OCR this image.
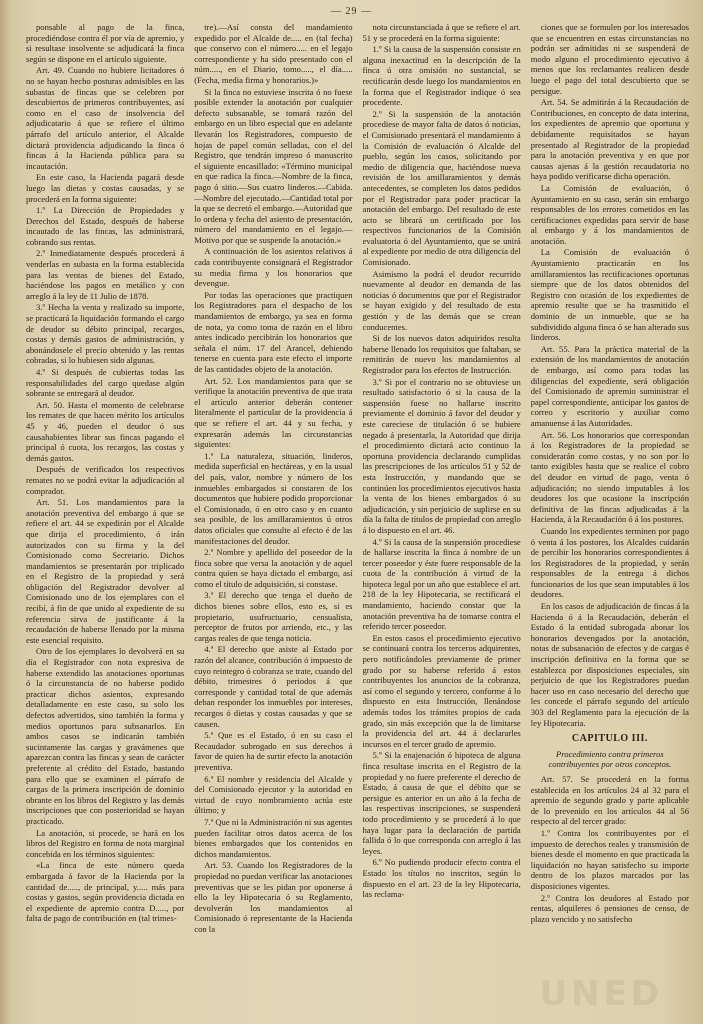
— 29 —

ponsable al pago de la finca, procediéndose contra él por vía de apremio, y si resultase insolvente se adjudicará la finca según se dispone en el artículo siguiente.

Art. 49. Cuando no hubiere licitadores ó no se hayan hecho posturas admisibles en las subastas de fincas que se celebren por descubiertos de primeros contribuyentes, así como en el caso de insolvencia del adjudicatario á que se refiere el último párrafo del artículo anterior, el Alcalde dictará providencia adjudicando la finca ó fincas á la Hacienda pública para su incautación.

En este caso, la Hacienda pagará desde luego las dietas y costas causadas, y se procederá en la forma siguiente:

1.º La Dirección de Propiedades y Derechos del Estado, después de haberse incautado de las fincas, las administrará, cobrando sus rentas.

2.º Inmediatamente después procederá á venderlas en subasta en la forma establecida para las ventas de bienes del Estado, haciéndose los pagos en metálico y con arreglo á la ley de 11 Julio de 1878.

3.º Hecha la venta y realizado su importe, se practicará la liquidación formando el cargo de deudor su débito principal, recargos, costas y demás gastos de administración, y abonándosele el precio obtenido y las rentas cobradas, si lo hubiesen sido algunas.

4.º Si después de cubiertas todas las responsabilidades del cargo quedase algún sobrante se entregará al deudor.

Art. 50. Hasta el momento de celebrarse los remates de que hacen mérito los artículos 45 y 46, pueden el deudor ó sus causahabientes librar sus fincas pagando el principal ó cuota, los recargos, las costas y demás gastos.

Después de verificados los respectivos remates no se podrá evitar la adjudicación al comprador.

Art. 51. Los mandamientos para la anotación preventiva del embargo á que se refiere el art. 44 se expedirán por el Alcalde que dirija el procedimiento, ó irán autorizados con su firma y la del Comisionado como Secretario. Dichos mandamientos se presentarán por triplicado en el Registro de la propiedad y será obligación del Registrador devolver al Comisionado uno de los ejemplares con el recibí, á fin de que unido al expediente de su referencia sirva de justificante á la recaudación de haberse llenado por la misma este esencial requisito.

Otro de los ejemplares lo devolverá en su día el Registrador con nota expresiva de haberse extendido las anotaciones oportunas ó la circunstancia de no haberse podido practicar dichos asientos, expresando detalladamente en este caso, su solo los defectos advertidos, sino también la forma y medios oportunos para subsanarlos. En ambos casos se indicarán también sucintamente las cargas y gravámenes que aparezcan contra las fincas y sean de carácter preferente al crédito del Estado, bastando para ello que se examinen el párrafo de cargas de la primera inscripción de dominio obrante en los libros del Registro y las demás inscripciones que con posterioridad se hayan practicado.

La anotación, si procede, se hará en los libros del Registro en forma de nota marginal concebida en los términos siguientes:

«La finca de este número queda embargada á favor de la Hacienda por la cantidad de....., de principal, y..... más para costas y gastos, según providencia dictada en el expediente de apremio contra D....., por falta de pago de contribución en (tal trimes-

tre).—Así consta del mandamiento expedido por el Alcalde de..... en (tal fecha) que conservo con el número..... en el legajo correspondiente y ha sido presentado con el núm....., en el Diario, tomo....., el día..... (Fecha, media firma y honorarios.)»

Si la finca no estuviese inscrita ó no fuese posible extender la anotación por cualquier defecto subsanable, se tomará razón del embargo en un libro especial que en adelante llevarán los Registradores, compuesto de hojas de papel común selladas, con el del Registro, que tendrán impreso ó manuscrito el siguiente encasillado: «Término municipal en que radica la finca.—Nombre de la finca, pago ó sitio.—Sus cuatro linderos.—Cabida.—Nombre del ejecutado.—Cantidad total por la que se decretó el embargo.—Autoridad que lo ordena y fecha del asiento de presentación, número del mandamiento en el legajo.—Motivo por que se suspende la anotación.»

A continuación de los asientos relativos á cada contribuyente consignará el Registrador su media firma y los honorarios que devengue.

Por todas las operaciones que practiquen los Registradores para el despacho de los mandamientos de embargo, ya sea en forma de nota, ya como toma de razón en el libro antes indicado percibirán los honorarios que señala el núm. 17 del Arancel, debiendo tenerse en cuenta para este efecto el importe de las cantidades objeto de la anotación.

Art. 52. Los mandamientos para que se verifique la anotación preventiva de que trata el artículo anterior deberán contener literalmente el particular de la providencia á que se refiere el art. 44 y su fecha, y expresarán además las circunstancias siguientes:

1.ª La naturaleza, situación, linderos, medida superficial en hectáreas, y en la usual del país, valor, nombre y número de los inmuebles embargados si constaren de los documentos que hubiere podido proporcionar el Comisionado, ó en otro caso y en cuanto sea posible, de los amillaramientos ú otros datos oficiales que consulte al efecto é de las manifestaciones del deudor.

2.ª Nombre y apellido del poseedor de la finca sobre que versa la anotación y de aquel contra quien se haya dictado el embargo, así como el título de adquisición, si constase.

3.ª El derecho que tenga el dueño de dichos bienes sobre ellos, esto es, si es propietario, usufructuario, censualista, perceptor de frutos por arriendo, etc., y las cargas reales de que tenga noticia.

4.ª El derecho que asiste al Estado por razón del alcance, contribución ó impuesto de cuyo reintegro ó cobranza se trate, cuando del débito, trimestres ó periodos á que corresponde y cantidad total de que además deban responder los inmuebles por intereses, recargos ó dietas y costas causadas y que se causen.

5.ª Que es el Estado, ó en su caso el Recaudador subrogado en sus derechos á favor de quien ha de surtir efecto la anotación preventiva.

6.ª El nombre y residencia del Alcalde y del Comisionado ejecutor y la autoridad en virtud de cuyo nombramiento actúa este último; y

7.ª Que ni la Administración ni sus agentes pueden facilitar otros datos acerca de los bienes embargados que los contenidos en dichos mandamientos.

Art. 53. Cuando los Registradores de la propiedad no puedan verificar las anotaciones preventivas que se les pidan por oponerse á ello la ley Hipotecaria ó su Reglamento, devolverán los mandamientos al Comisionado ó representante de la Hacienda con la

nota circunstanciada á que se refiere el art. 51 y se procederá en la forma siguiente:

1.º Si la causa de la suspensión consiste en alguna inexactitud en la descripción de la finca ú otra omisión no sustancial, se rectificarán desde luego los mandamientos en la forma que el Registrador indique ó sea procedente.

2.º Si la suspensión de la anotación procediese de mayor falta de datos ó noticias, el Comisionado presentará el mandamiento á la Comisión de evaluación ó Alcalde del pueblo, según los casos, solicitando por medio de diligencia que, haciéndose nueva revisión de los amillaramientos y demás antecedentes, se completen los datos pedidos por el Registrador para poder practicar la anotación del embargo. Del resultado de este acto se librará un certificado por los respectivos funcionarios de la Comisión evaluatoria ó del Ayuntamiento, que se unirá al expediente por medio de otra diligencia del Comisionado.

Asimismo la podrá el deudor recurrido nuevamente al deudor en demanda de las noticias ó documentos que por el Registrador se hayan exigido y del resultado de esta gestión y de las demás que se crean conducentes.

Si de los nuevos datos adquiridos resulta haberse llenado los requisitos que faltaban, se remitirán de nuevo los mandamientos al Registrador para los efectos de Instrucción.

3.º Si por el contrario no se obtuviese un resultado satisfactorio ó si la causa de la suspensión fuese no hallarse inscrito previamente el dominio á favor del deudor y este careciese de titulación ó se hubiere negado á presentarla, la Autoridad que dirija el procedimiento dictará acto continuo la oportuna providencia declarando cumplidas las prescripciones de los artículos 51 y 52 de esta Instrucción, y mandando que se continúen los procedimientos ejecutivos hasta la venta de los bienes embargados ó su adjudicación, y sin perjuicio de suplirse en su día la falta de títulos de propiedad con arreglo á lo dispuesto en el art. 46.

4.º Si la causa de la suspensión procediese de hallarse inscrita la finca á nombre de un tercer poseedor y éste fuere responsable de la cuota de la contribución á virtud de la hipoteca legal por un año que establece el art. 218 de la ley Hipotecaria, se rectificará el mandamiento, haciendo constar que la anotación preventiva ha de tomarse contra el referido tercer poseedor.

En estos casos el procedimiento ejecutivo se continuará contra los terceros adquirentes, pero notificándoles previamente de primer grado por su haberse referido á estos contribuyentes los anuncios de la cobranza, así como el segundo y tercero, conforme á lo dispuesto en esta Instrucción, llenándose además todos los trámites propios de cada grado, sin más excepción que la de limitarse la providencia del art. 44 á declararles incursos en el tercer grado de apremio.

5.º Si la enajenación ó hipoteca de alguna finca resultase inscrita en el Registro de la propiedad y no fuere preferente el derecho de Estado, á causa de que el débito que se persigue es anterior en un año á la fecha de las respectivas inscripciones, se suspenderá todo procedimiento y se procederá á lo que haya lugar para la declaración de partida fallida ó lo que corresponda con arreglo á las leyes.

6.º No pudiendo producir efecto contra el Estado los títulos no inscritos, según lo dispuesto en el art. 23 de la ley Hipotecaria, las reclama-

ciones que se formulen por los interesados que se encuentren en estas circunstancias no podrán ser admitidas ni se suspenderá de modo alguno el procedimiento ejecutivo á menos que los reclamantes realicen desde luego el pago del total descubierto que se persigue.

Art. 54. Se admitirán á la Recaudación de Contribuciones, en concepto de data interina, los expedientes de apremio que oportuna y debidamente requisitados se hayan presentado al Registrador de la propiedad para la anotación preventiva y en que por causas ajenas á la gestión recaudatoria no haya podido verificarse dicha operación.

La Comisión de evaluación, ó Ayuntamiento en su caso, serán sin embargo responsables de los errores cometidos en las certificaciones expedidas para servir de base al embargo y á los mandamientos de anotación.

La Comisión de evaluación ó Ayuntamiento practicarán en los amillaramientos las rectificaciones oportunas siempre que de los datos obtenidos del Registro con ocasión de los expedientes de apremio resulte que se ha trasmitido el dominio de un inmueble, que se ha subdividido alguna finca ó se han alterado sus linderos.

Art. 55. Para la práctica material de la extensión de los mandamientos de anotación de embargo, así como para todas las diligencias del expediente, será obligación del Comisionado de apremio suministrar el papel correspondiente, anticipar los gastos de correo y escritorio y auxiliar como amanuense á las Autoridades.

Art. 56. Los honorarios que correspondan á los Registradores de la propiedad se considerarán como costas, y no son por lo tanto exigibles hasta que se realice el cobro del deudor en virtud de pago, venta ó adjudicación; no siendo imputables á los deudores los que ocasione la inscripción definitiva de las fincas adjudicadas á la Hacienda, á la Recaudación ó á los postores.

Cuando los expedientes terminen por pago ó venta á los postores, los Alcaldes cuidarán de percibir los honorarios correspondientes á los Registradores de la propiedad, y serán responsables de la entrega á dichos funcionarios de los que sean imputables á los deudores.

En los casos de adjudicación de fincas á la Hacienda ó á la Recaudación, deberán el Estado ó la entidad subrogada abonar los honorarios devengados por la anotación, notas de subsanación de efectos y de cargas é inscripción definitiva en la forma que se establezca por disposiciones especiales, sin perjuicio de que los Registradores puedan hacer uso en caso necesario del derecho que les concede el párrafo segundo del artículo 303 del Reglamento para la ejecución de la ley Hipotecaria.

CAPITULO III.

Procedimiento contra primeros contribuyentes por otros conceptos.

Art. 57. Se procederá en la forma establecida en los artículos 24 al 32 para el apremio de segundo grado y parte aplicable de lo prevenido en los artículos 44 al 56 respecto al del tercer grado:

1.º Contra los contribuyentes por el impuesto de derechos reales y transmisión de bienes desde el momento en que practicada la liquidación no hayan satisfecho su importe dentro de los plazos marcados por las disposiciones vigentes.

2.º Contra los deudores al Estado por rentas, alquileres ó pensiones de censo, de plazo vencido y no satisfecho

UNED
